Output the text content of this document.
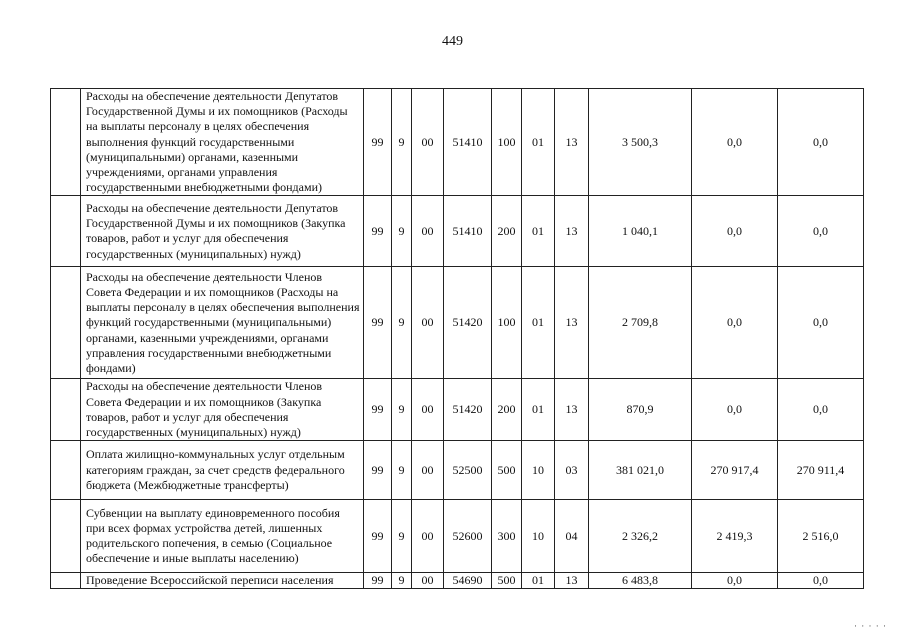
449
	Расходы на обеспечение деятельности Депутатов Государственной Думы и их помощников (Расходы на выплаты персоналу в целях обеспечения выполнения функций государственными (муниципальными) органами, казенными учреждениями, органами управления государственными внебюджетными фондами)	99	9	00	51410	100	01	13	3 500,3	0,0	0,0
	Расходы на обеспечение деятельности Депутатов Государственной Думы и их помощников (Закупка товаров, работ и услуг для обеспечения государственных (муниципальных) нужд)	99	9	00	51410	200	01	13	1 040,1	0,0	0,0
	Расходы на обеспечение деятельности Членов Совета Федерации и их помощников (Расходы на выплаты персоналу в целях обеспечения выполнения функций государственными (муниципальными) органами, казенными учреждениями, органами управления государственными внебюджетными фондами)	99	9	00	51420	100	01	13	2 709,8	0,0	0,0
	Расходы на обеспечение деятельности Членов Совета Федерации и их помощников (Закупка товаров, работ и услуг для обеспечения государственных (муниципальных) нужд)	99	9	00	51420	200	01	13	870,9	0,0	0,0
	Оплата жилищно-коммунальных услуг отдельным категориям граждан, за счет средств федерального бюджета (Межбюджетные трансферты)	99	9	00	52500	500	10	03	381 021,0	270 917,4	270 911,4
	Субвенции на выплату единовременного пособия при всех формах устройства детей, лишенных родительского попечения, в семью (Социальное обеспечение и иные выплаты населению)	99	9	00	52600	300	10	04	2 326,2	2 419,3	2 516,0
	Проведение Всероссийской переписи населения	99	9	00	54690	500	01	13	6 483,8	0,0	0,0
· · · · ·
